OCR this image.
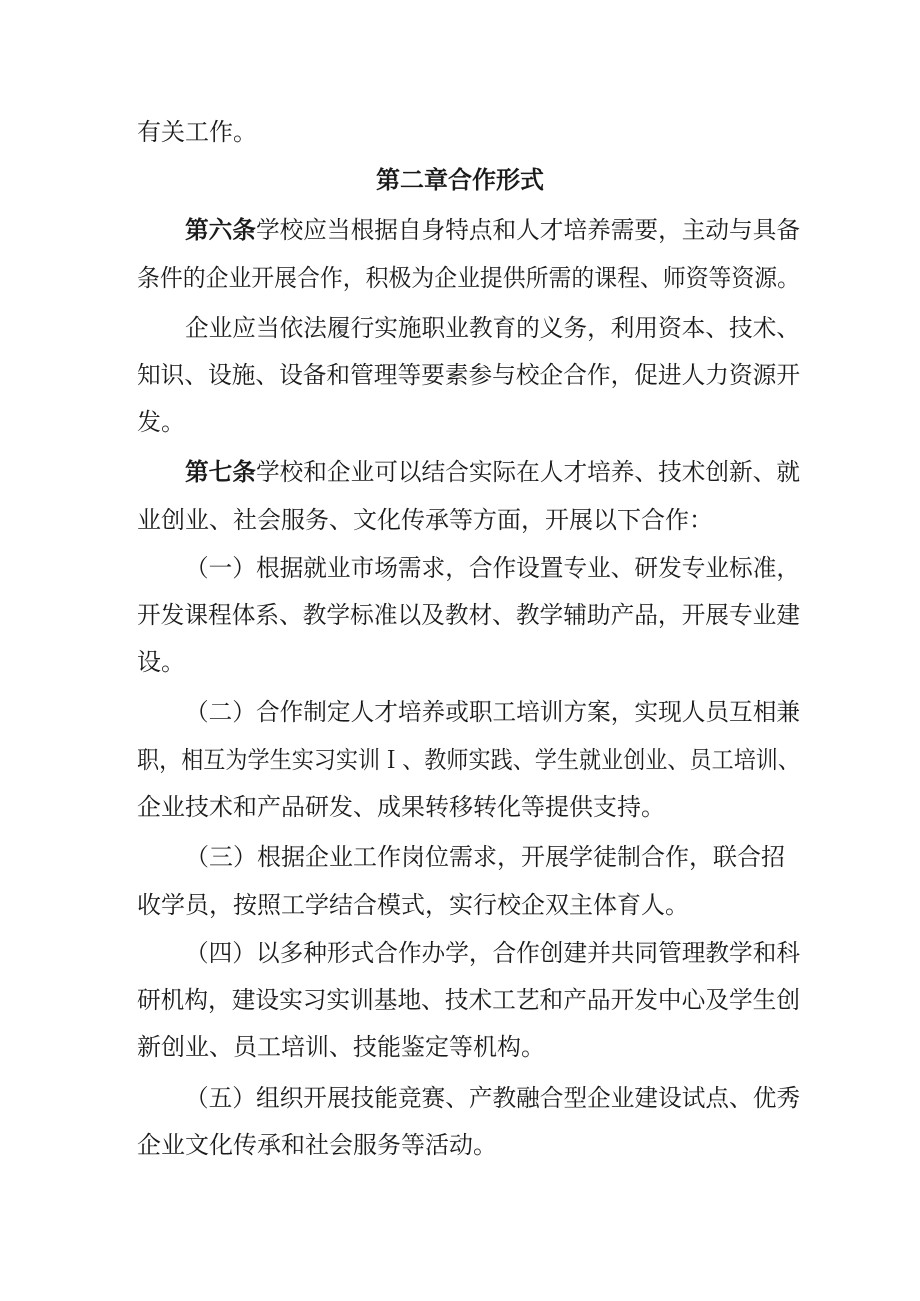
有关工作。
第二章合作形式
第六条学校应当根据自身特点和人才培养需要，主动与具备
条件的企业开展合作，积极为企业提供所需的课程、师资等资源。
企业应当依法履行实施职业教育的义务，利用资本、技术、
知识、设施、设备和管理等要素参与校企合作，促进人力资源开
发。
第七条学校和企业可以结合实际在人才培养、技术创新、就
业创业、社会服务、文化传承等方面，开展以下合作：
（一）根据就业市场需求，合作设置专业、研发专业标准，
开发课程体系、教学标准以及教材、教学辅助产品，开展专业建
设。
（二）合作制定人才培养或职工培训方案，实现人员互相兼
职，相互为学生实习实训Ｉ、教师实践、学生就业创业、员工培训、
企业技术和产品研发、成果转移转化等提供支持。
（三）根据企业工作岗位需求，开展学徒制合作，联合招
收学员，按照工学结合模式，实行校企双主体育人。
（四）以多种形式合作办学，合作创建并共同管理教学和科
研机构，建设实习实训基地、技术工艺和产品开发中心及学生创
新创业、员工培训、技能鉴定等机构。
（五）组织开展技能竞赛、产教融合型企业建设试点、优秀
企业文化传承和社会服务等活动。
